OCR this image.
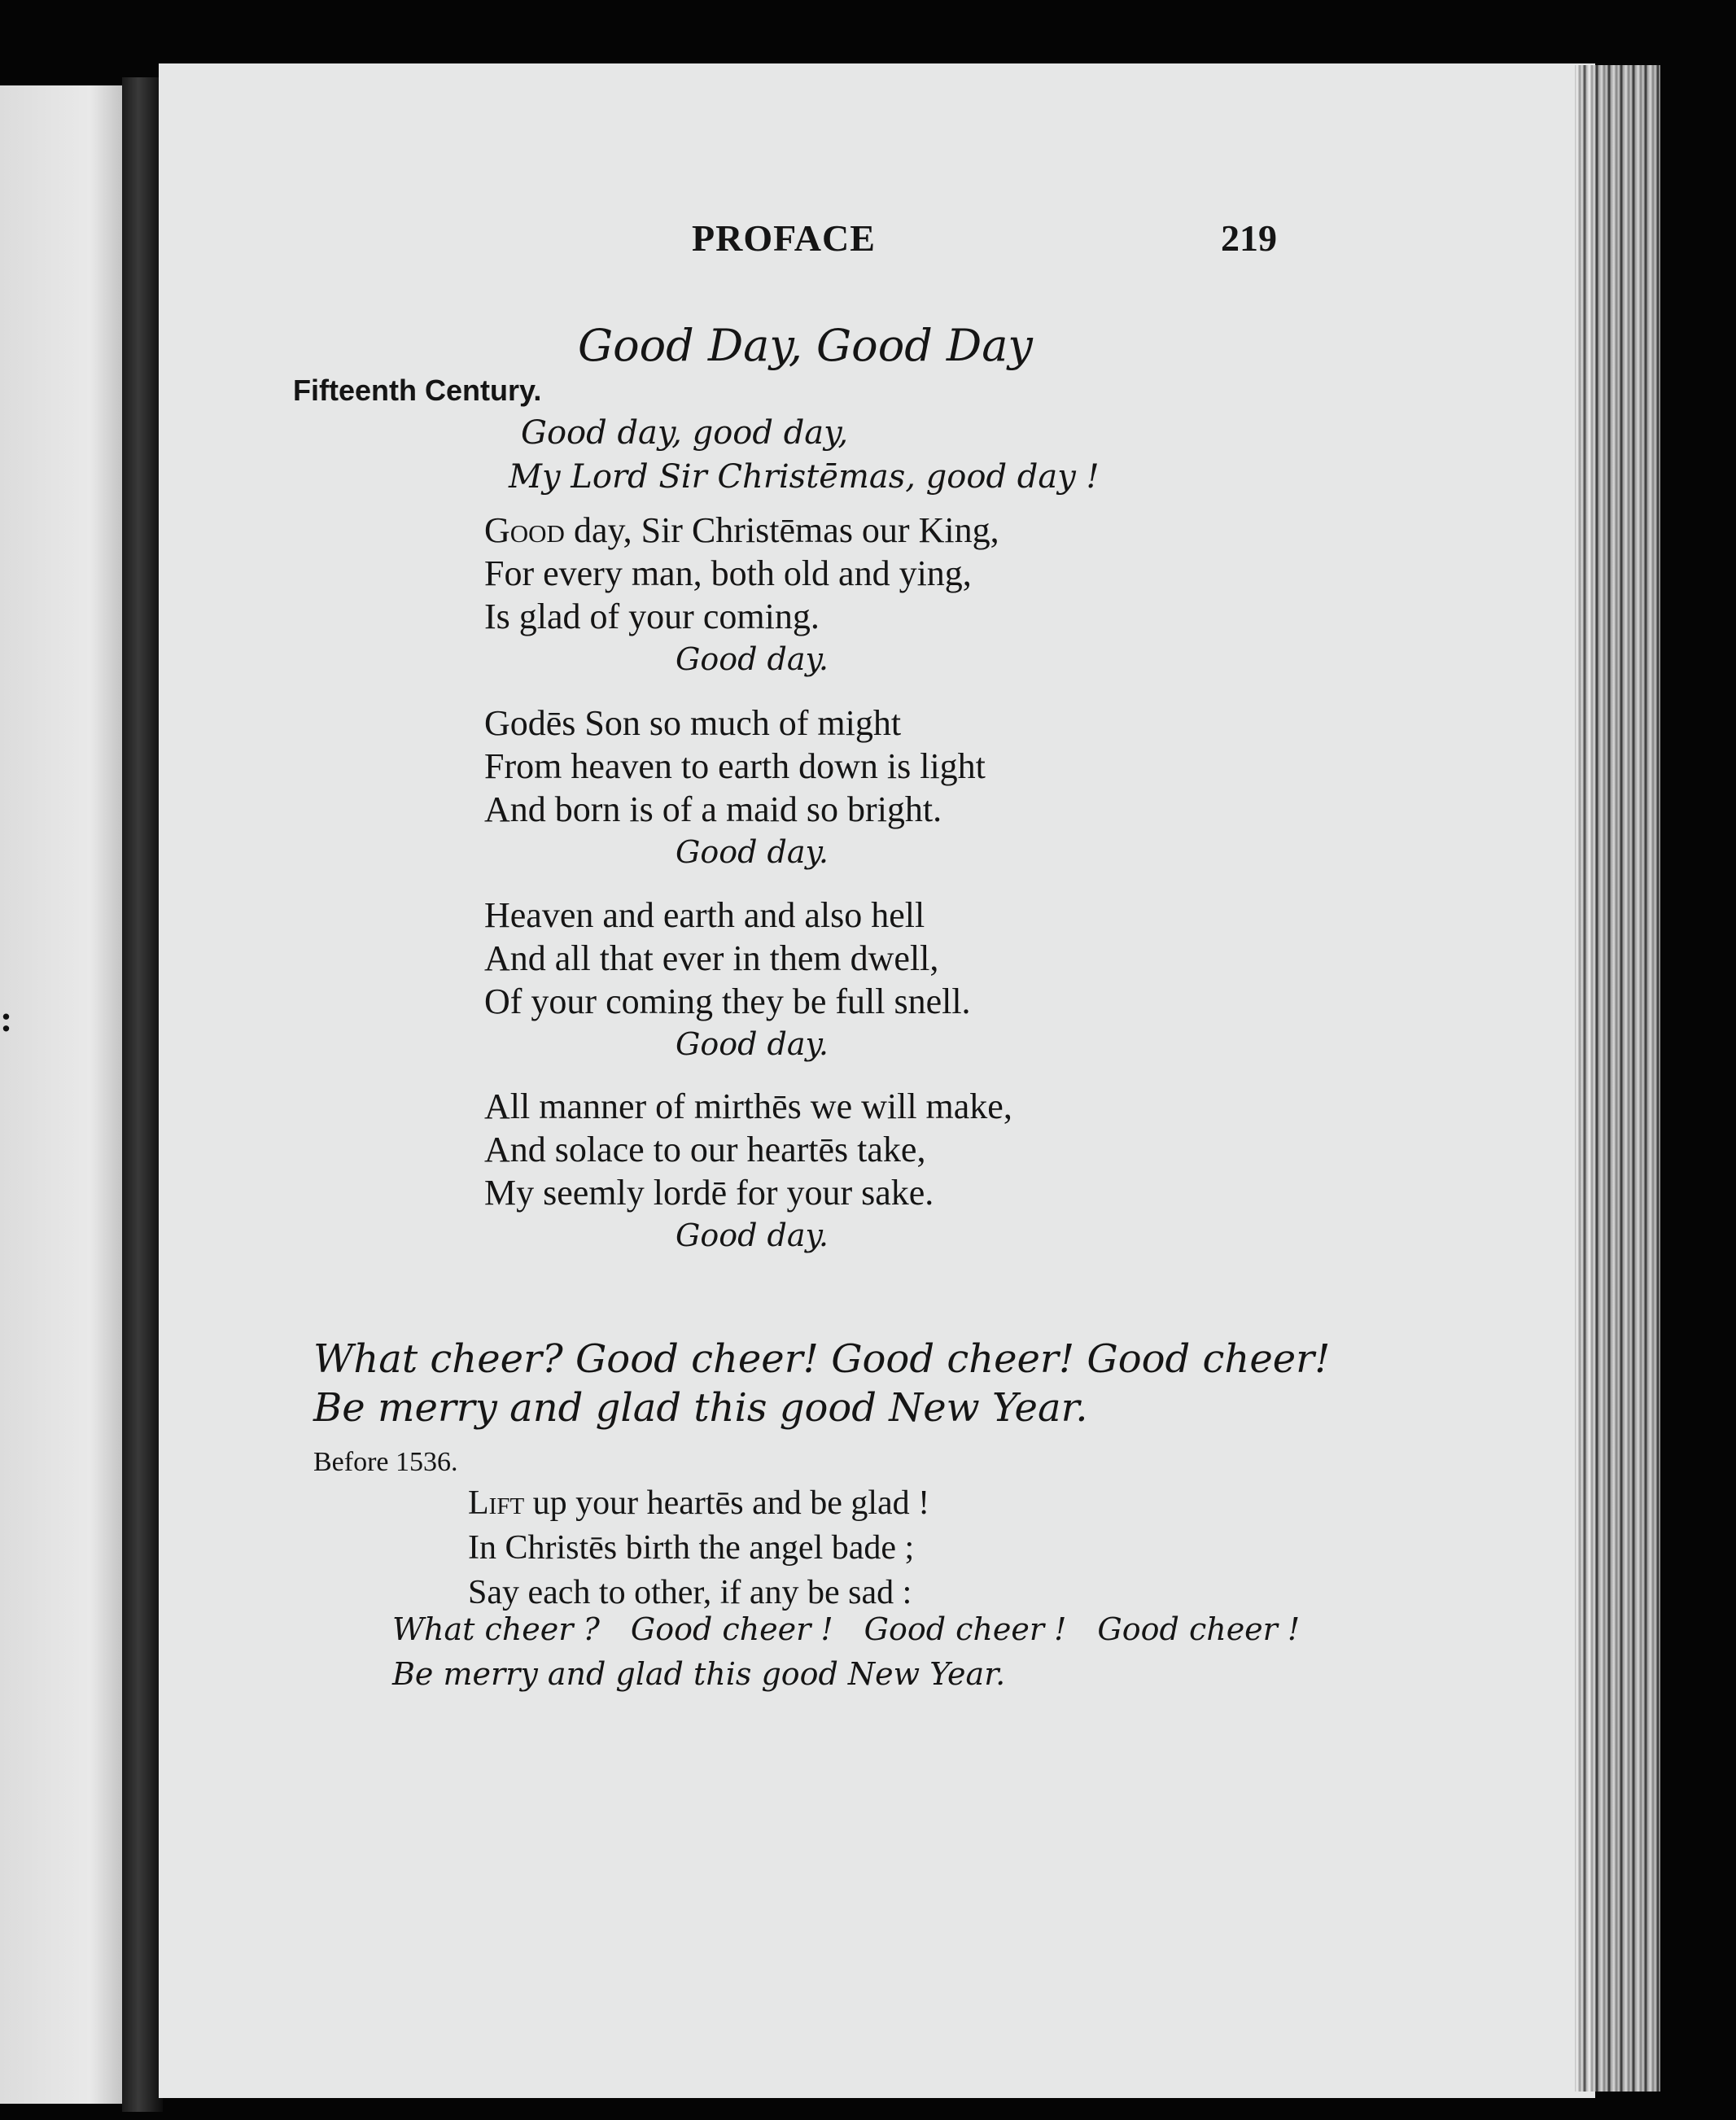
:
PROFACE	219
Good Day, Good Day
Fifteenth Century.
Good day, good day,
My Lord Sir Christēmas, good day !
Good day, Sir Christēmas our King,
For every man, both old and ying,
Is glad of your coming.
Good day.
Godēs Son so much of might
From heaven to earth down is light
And born is of a maid so bright.
Good day.
Heaven and earth and also hell
And all that ever in them dwell,
Of your coming they be full snell.
Good day.
All manner of mirthēs we will make,
And solace to our heartēs take,
My seemly lordē for your sake.
Good day.
What cheer? Good cheer! Good cheer! Good cheer!
Be merry and glad this good New Year.
Before 1536.
Lift up your heartēs and be glad !
In Christēs birth the angel bade ;
Say each to other, if any be sad :
What cheer ? Good cheer ! Good cheer ! Good cheer !
Be merry and glad this good New Year.
